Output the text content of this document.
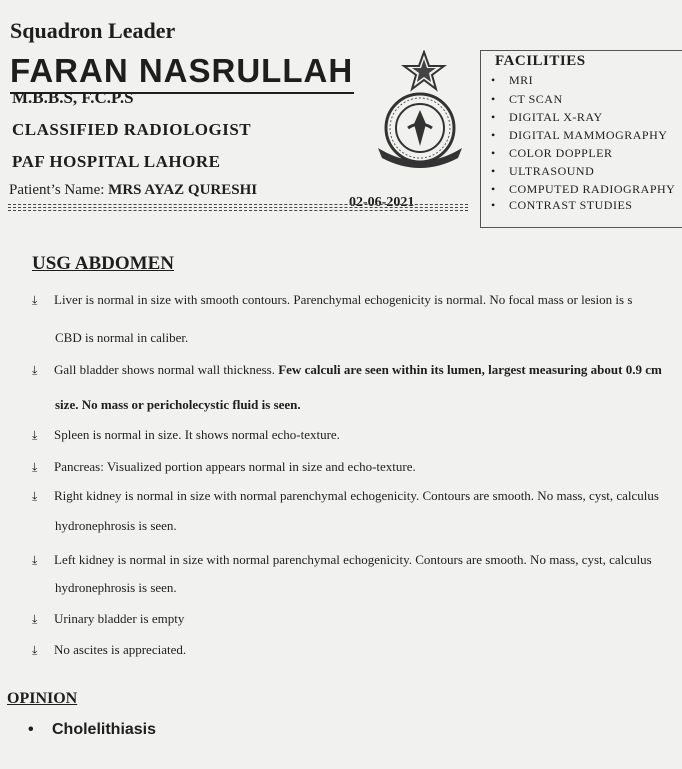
Squadron Leader
FARAN NASRULLAH
M.B.B.S, F.C.P.S
CLASSIFIED RADIOLOGIST
PAF HOSPITAL LAHORE
Patient’s Name: MRS AYAZ QURESHI
02-06-2021
FACILITIES
• MRI
• CT SCAN
• DIGITAL X-RAY
• DIGITAL MAMMOGRAPHY
• COLOR DOPPLER
• ULTRASOUND
• COMPUTED RADIOGRAPHY
• CONTRAST STUDIES
USG ABDOMEN
⤓ Liver is normal in size with smooth contours. Parenchymal echogenicity is normal. No focal mass or lesion is s
CBD is normal in caliber.
⤓ Gall bladder shows normal wall thickness. Few calculi are seen within its lumen, largest measuring about 0.9 cm
size. No mass or pericholecystic fluid is seen.
⤓ Spleen is normal in size. It shows normal echo-texture.
⤓ Pancreas: Visualized portion appears normal in size and echo-texture.
⤓ Right kidney is normal in size with normal parenchymal echogenicity. Contours are smooth. No mass, cyst, calculus
hydronephrosis is seen.
⤓ Left kidney is normal in size with normal parenchymal echogenicity. Contours are smooth. No mass, cyst, calculus
hydronephrosis is seen.
⤓ Urinary bladder is empty
⤓ No ascites is appreciated.
OPINION
• Cholelithiasis
